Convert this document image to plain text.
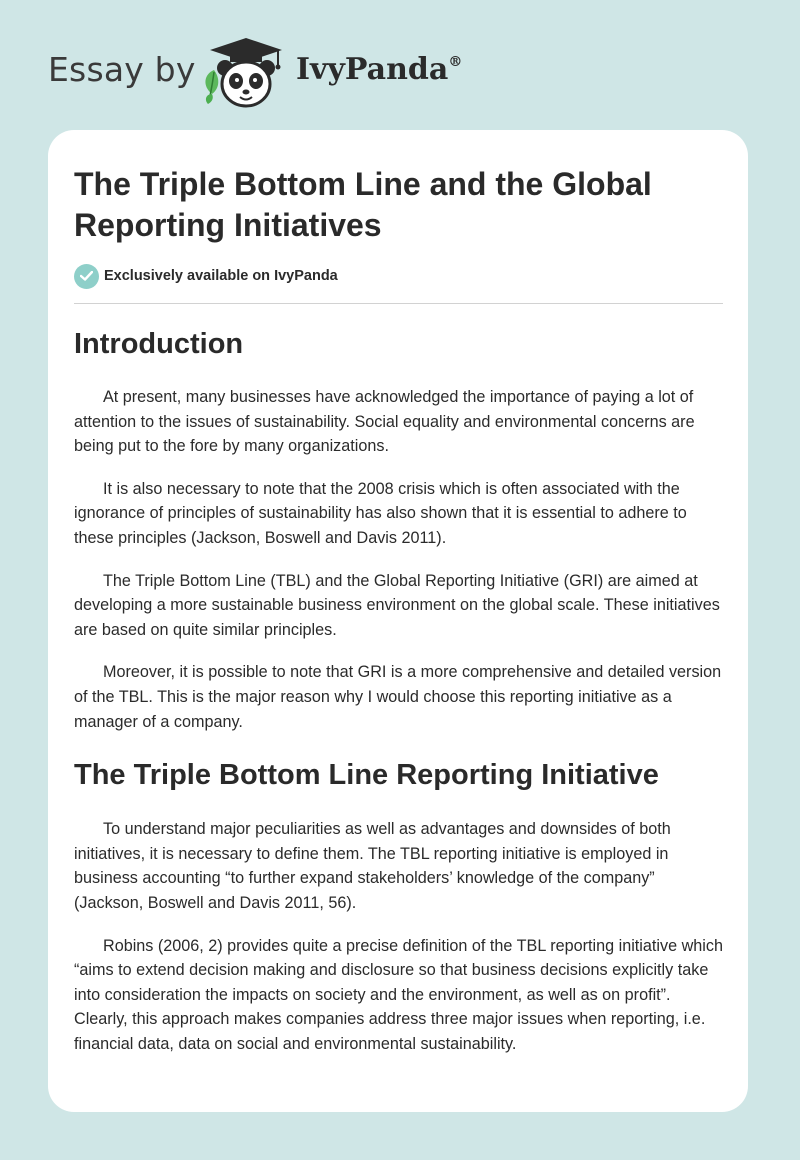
Essay by	IvyPanda®
The Triple Bottom Line and the Global Reporting Initiatives
Exclusively available on IvyPanda
Introduction

At present, many businesses have acknowledged the importance of paying a lot of attention to the issues of sustainability. Social equality and environmental concerns are being put to the fore by many organizations.

It is also necessary to note that the 2008 crisis which is often associated with the ignorance of principles of sustainability has also shown that it is essential to adhere to these principles (Jackson, Boswell and Davis 2011).

The Triple Bottom Line (TBL) and the Global Reporting Initiative (GRI) are aimed at developing a more sustainable business environment on the global scale. These initiatives are based on quite similar principles.

Moreover, it is possible to note that GRI is a more comprehensive and detailed version of the TBL. This is the major reason why I would choose this reporting initiative as a manager of a company.

The Triple Bottom Line Reporting Initiative

To understand major peculiarities as well as advantages and downsides of both initiatives, it is necessary to define them. The TBL reporting initiative is employed in business accounting “to further expand stakeholders’ knowledge of the company” (Jackson, Boswell and Davis 2011, 56).

Robins (2006, 2) provides quite a precise definition of the TBL reporting initiative which “aims to extend decision making and disclosure so that business decisions explicitly take into consideration the impacts on society and the environment, as well as on profit”. Clearly, this approach makes companies address three major issues when reporting, i.e. financial data, data on social and environmental sustainability.
